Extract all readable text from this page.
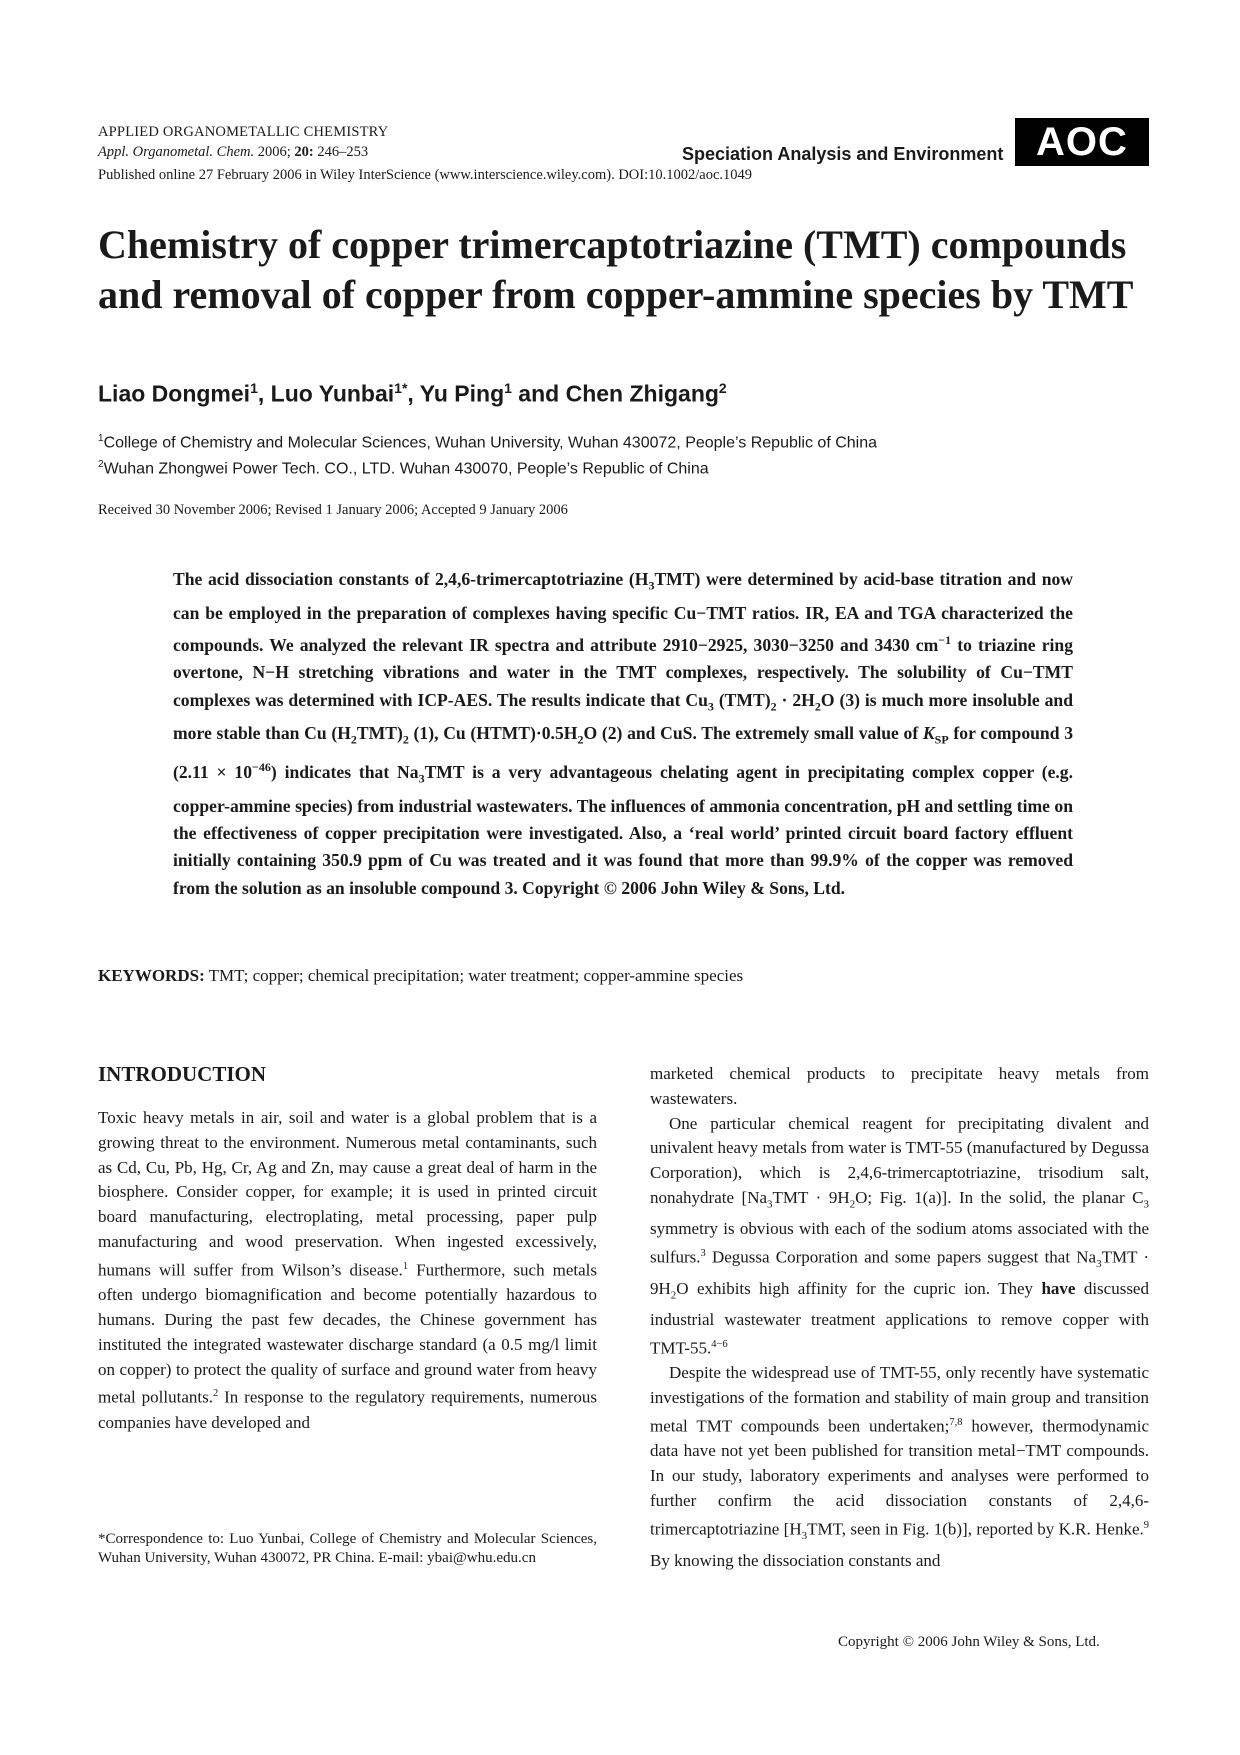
APPLIED ORGANOMETALLIC CHEMISTRY
Appl. Organometal. Chem. 2006; 20: 246–253
Published online 27 February 2006 in Wiley InterScience (www.interscience.wiley.com). DOI:10.1002/aoc.1049
Speciation Analysis and Environment AOC
Chemistry of copper trimercaptotriazine (TMT) compounds and removal of copper from copper-ammine species by TMT
Liao Dongmei$^1$, Luo Yunbai$^{1*}$, Yu Ping$^1$ and Chen Zhigang$^2$
$^1$College of Chemistry and Molecular Sciences, Wuhan University, Wuhan 430072, People’s Republic of China
$^2$Wuhan Zhongwei Power Tech. CO., LTD. Wuhan 430070, People’s Republic of China
Received 30 November 2006; Revised 1 January 2006; Accepted 9 January 2006

The acid dissociation constants of 2,4,6-trimercaptotriazine $(H_3TMT)$ were determined by acid-base titration and now can be employed in the preparation of complexes having specific Cu−TMT ratios. IR, EA and TGA characterized the compounds. We analyzed the relevant IR spectra and attribute 2910−2925, 3030−3250 and 3430 $cm^{-1}$ to triazine ring overtone, N−H stretching vibrations and water in the TMT complexes, respectively. The solubility of Cu−TMT complexes was determined with ICP-AES. The results indicate that $Cu_3$ $(TMT)_2 \cdot 2H_2O$ (3) is much more insoluble and more stable than Cu $(H_2TMT)_2$ (1), Cu $(HTMT)\cdot 0.5H_2O$ (2) and CuS. The extremely small value of $K_{SP}$ for compound 3 $(2.11 \times 10^{-46})$ indicates that $Na_3TMT$ is a very advantageous chelating agent in precipitating complex copper (e.g. copper-ammine species) from industrial wastewaters. The influences of ammonia concentration, pH and settling time on the effectiveness of copper precipitation were investigated. Also, a ‘real world’ printed circuit board factory effluent initially containing 350.9 ppm of Cu was treated and it was found that more than 99.9% of the copper was removed from the solution as an insoluble compound 3. Copyright © 2006 John Wiley & Sons, Ltd.

KEYWORDS: TMT; copper; chemical precipitation; water treatment; copper-ammine species
INTRODUCTION

Toxic heavy metals in air, soil and water is a global problem that is a growing threat to the environment. Numerous metal contaminants, such as Cd, Cu, Pb, Hg, Cr, Ag and Zn, may cause a great deal of harm in the biosphere. Consider copper, for example; it is used in printed circuit board manufacturing, electroplating, metal processing, paper pulp manufacturing and wood preservation. When ingested excessively, humans will suffer from Wilson’s disease.$^1$ Furthermore, such metals often undergo biomagnification and become potentially hazardous to humans. During the past few decades, the Chinese government has instituted the integrated wastewater discharge standard (a 0.5 mg/l limit on copper) to protect the quality of surface and ground water from heavy metal pollutants.$^2$ In response to the regulatory requirements, numerous companies have developed and

marketed chemical products to precipitate heavy metals from wastewaters.

One particular chemical reagent for precipitating divalent and univalent heavy metals from water is TMT-55 (manufactured by Degussa Corporation), which is 2,4,6-trimercaptotriazine, trisodium salt, nonahydrate [$Na_3TMT \cdot 9H_2O$; Fig. 1(a)]. In the solid, the planar $C_3$ symmetry is obvious with each of the sodium atoms associated with the sulfurs.$^3$ Degussa Corporation and some papers suggest that $Na_3TMT \cdot 9H_2O$ exhibits high affinity for the cupric ion. They have discussed industrial wastewater treatment applications to remove copper with TMT-55.$^{4-6}$

Despite the widespread use of TMT-55, only recently have systematic investigations of the formation and stability of main group and transition metal TMT compounds been undertaken;$^{7,8}$ however, thermodynamic data have not yet been published for transition metal−TMT compounds. In our study, laboratory experiments and analyses were performed to further confirm the acid dissociation constants of 2,4,6-trimercaptotriazine [$H_3TMT$, seen in Fig. 1(b)], reported by K.R. Henke.$^9$ By knowing the dissociation constants and

*Correspondence to: Luo Yunbai, College of Chemistry and Molecular Sciences, Wuhan University, Wuhan 430072, PR China. E-mail: ybai@whu.edu.cn

Copyright © 2006 John Wiley & Sons, Ltd.
